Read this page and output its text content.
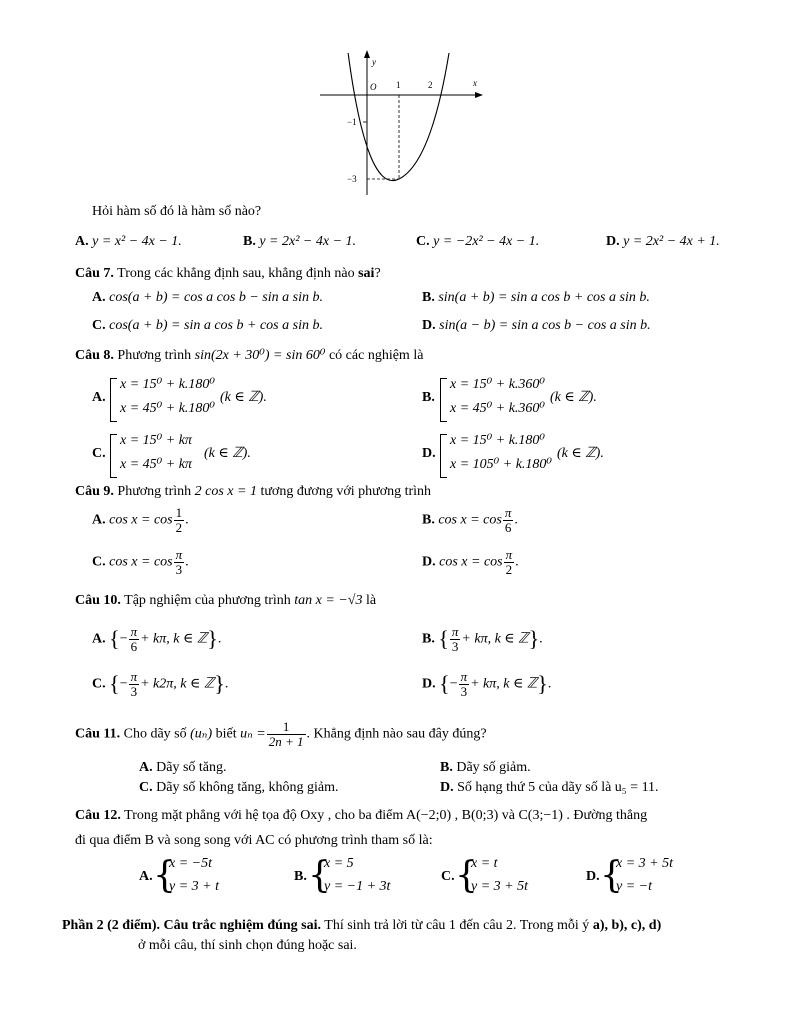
y
x
O 1	2
−1
−3
Hỏi hàm số đó là hàm số nào?
A. y = x² − 4x − 1.	B. y = 2x² − 4x − 1.	C. y = −2x² − 4x − 1.	D. y = 2x² − 4x + 1.
Câu 7. Trong các khẳng định sau, khẳng định nào sai?
A. cos(a + b) = cos a cos b − sin a sin b.	B. sin(a + b) = sin a cos b + cos a sin b.
C. cos(a + b) = sin a cos b + cos a sin b.	D. sin(a − b) = sin a cos b − cos a sin b.
Câu 8. Phương trình sin(2x + 30⁰) = sin 60⁰ có các nghiệm là
A.
x = 15⁰ + k.180⁰
x = 45⁰ + k.180⁰
(k ∈ ℤ).	B.
x = 15⁰ + k.360⁰
x = 45⁰ + k.360⁰
(k ∈ ℤ).
C.
x = 15⁰ + kπ
x = 45⁰ + kπ
(k ∈ ℤ).	D.
x = 15⁰ + k.180⁰
x = 105⁰ + k.180⁰
(k ∈ ℤ).
Câu 9. Phương trình 2 cos x = 1 tương đương với phương trình
A. $\cos x = \cos \frac{1}{2}$ .	B. $\cos x = \cos \frac{\pi}{6}$ .
C. $\cos x = \cos \frac{\pi}{3}$ .	D. $\cos x = \cos \frac{\pi}{2}$ .
Câu 10. Tập nghiệm của phương trình tan x = −√3 là
A. {− $\frac{\pi}{6} + k\pi$, k ∈ ℤ}.	B. { $\frac{\pi}{3} + k\pi$, k ∈ ℤ}.
C. {− $\frac{\pi}{3} + k2\pi$, k ∈ ℤ}.	D. {− $\frac{\pi}{3} + k\pi$, k ∈ ℤ}.
Câu 11. Cho dãy số (uₙ) biết $u_n = \frac{1}{2n + 1}$ . Khẳng định nào sau đây đúng?
A. Dãy số tăng.	B. Dãy số giảm.
C. Dãy số không tăng, không giảm.	D. Số hạng thứ 5 của dãy số là u₅ = 11.
Câu 12. Trong mặt phẳng với hệ tọa độ Oxy , cho ba điểm A(−2;0) , B(0;3) và C(3;−1) . Đường thẳng
đi qua điểm B và song song với AC có phương trình tham số là:
A. {
x = −5t
y = 3 + t
B. {
x = 5
y = −1 + 3t
C. {
x = t
y = 3 + 5t
D. {
x = 3 + 5t
y = −t
Phần 2 (2 điểm). Câu trắc nghiệm đúng sai. Thí sinh trả lời từ câu 1 đến câu 2. Trong mỗi ý a), b), c), d)
ở mỗi câu, thí sinh chọn đúng hoặc sai.
